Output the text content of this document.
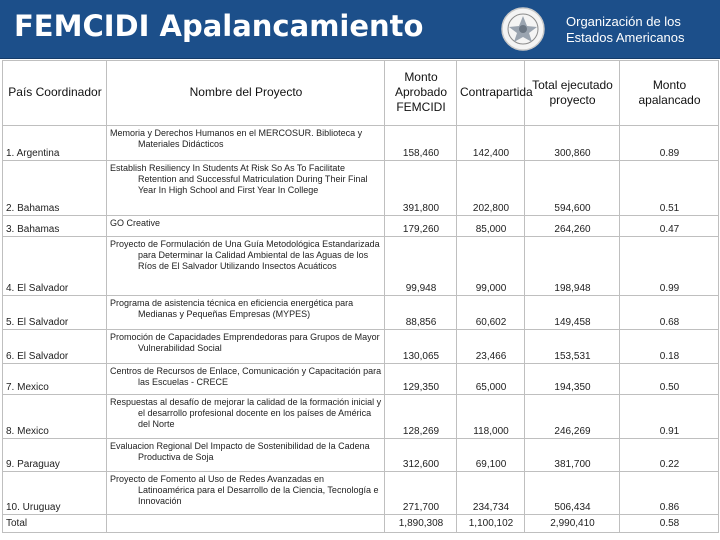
FEMCIDI Apalancamiento	Organización de los
Estados Americanos
País Coordinador	Nombre del Proyecto	Monto Aprobado FEMCIDI	Contrapartida	Total ejecutado proyecto	Monto apalancado
1. Argentina	Memoria y Derechos Humanos en el MERCOSUR. Biblioteca y Materiales Didácticos	158,460	142,400	300,860	0.89
2. Bahamas	Establish Resiliency In Students At Risk So As To Facilitate Retention and Successful Matriculation During Their Final Year In High School and First Year In College	391,800	202,800	594,600	0.51
3. Bahamas	GO Creative	179,260	85,000	264,260	0.47
4. El Salvador	Proyecto de Formulación de Una Guía Metodológica Estandarizada para Determinar la Calidad Ambiental de las Aguas de los Ríos de El Salvador Utilizando Insectos Acuáticos	99,948	99,000	198,948	0.99
5. El Salvador	Programa de asistencia técnica en eficiencia energética para Medianas y Pequeñas Empresas (MYPES)	88,856	60,602	149,458	0.68
6. El Salvador	Promoción de Capacidades Emprendedoras para Grupos de Mayor Vulnerabilidad Social	130,065	23,466	153,531	0.18
7. Mexico	Centros de Recursos de Enlace, Comunicación y Capacitación para las Escuelas - CRECE	129,350	65,000	194,350	0.50
8. Mexico	Respuestas al desafío de mejorar la calidad de la formación inicial y el desarrollo profesional docente en los países de América del Norte	128,269	118,000	246,269	0.91
9. Paraguay	Evaluacion Regional Del Impacto de Sostenibilidad de la Cadena Productiva de Soja	312,600	69,100	381,700	0.22
10. Uruguay	Proyecto de Fomento al Uso de Redes Avanzadas en Latinoamérica para el Desarrollo de la Ciencia, Tecnología e Innovación	271,700	234,734	506,434	0.86
Total		1,890,308	1,100,102	2,990,410	0.58
